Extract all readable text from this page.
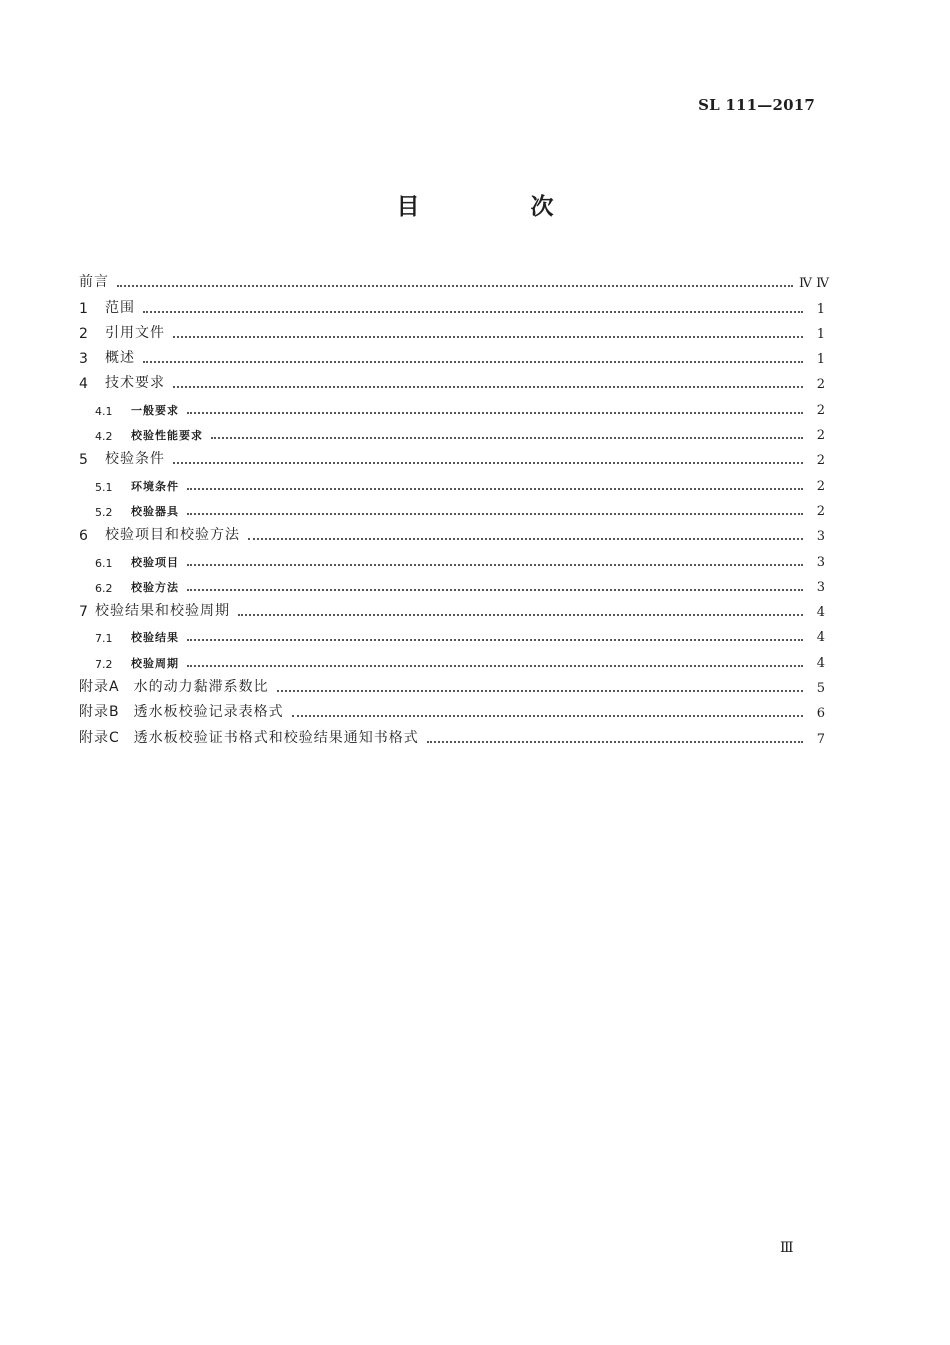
SL 111—2017
目　次
前言	Ⅳ Ⅳ
1	范围	1
2	引用文件	1
3	概述	1
4	技术要求	2
4.1	一般要求	2
4.2	校验性能要求	2
5	校验条件	2
5.1	环境条件	2
5.2	校验器具	2
6	校验项目和校验方法	3
6.1	校验项目	3
6.2	校验方法	3
7 校验结果和校验周期	4
7.1	校验结果	4
7.2	校验周期	4
附录A	水的动力黏滞系数比	5
附录B	透水板校验记录表格式	6
附录C	透水板校验证书格式和校验结果通知书格式	7
Ⅲ
